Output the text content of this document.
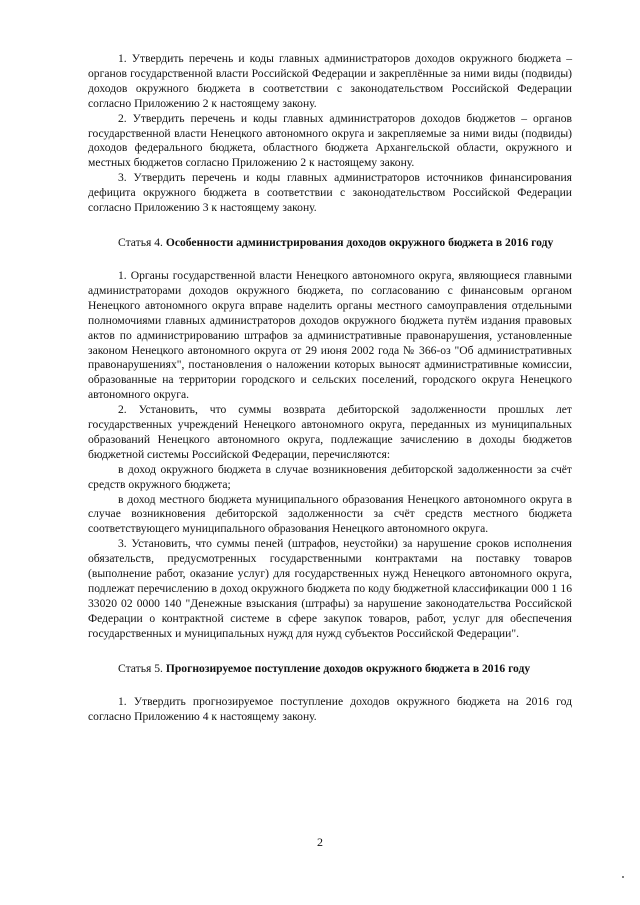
1. Утвердить перечень и коды главных администраторов доходов окружного бюджета – органов государственной власти Российской Федерации и закреплённые за ними виды (подвиды) доходов окружного бюджета в соответствии с законодательством Российской Федерации согласно Приложению 2 к настоящему закону.

2. Утвердить перечень и коды главных администраторов доходов бюджетов – органов государственной власти Ненецкого автономного округа и закрепляемые за ними виды (подвиды) доходов федерального бюджета, областного бюджета Архангельской области, окружного и местных бюджетов согласно Приложению 2 к настоящему закону.

3. Утвердить перечень и коды главных администраторов источников финансирования дефицита окружного бюджета в соответствии с законодательством Российской Федерации согласно Приложению 3 к настоящему закону.

Статья 4. Особенности администрирования доходов окружного бюджета в 2016 году

1. Органы государственной власти Ненецкого автономного округа, являющиеся главными администраторами доходов окружного бюджета, по согласованию с финансовым органом Ненецкого автономного округа вправе наделить органы местного самоуправления отдельными полномочиями главных администраторов доходов окружного бюджета путём издания правовых актов по администрированию штрафов за административные правонарушения, установленные законом Ненецкого автономного округа от 29 июня 2002 года № 366-оз "Об административных правонарушениях", постановления о наложении которых выносят административные комиссии, образованные на территории городского и сельских поселений, городского округа Ненецкого автономного округа.

2. Установить, что суммы возврата дебиторской задолженности прошлых лет государственных учреждений Ненецкого автономного округа, переданных из муниципальных образований Ненецкого автономного округа, подлежащие зачислению в доходы бюджетов бюджетной системы Российской Федерации, перечисляются:

в доход окружного бюджета в случае возникновения дебиторской задолженности за счёт средств окружного бюджета;

в доход местного бюджета муниципального образования Ненецкого автономного округа в случае возникновения дебиторской задолженности за счёт средств местного бюджета соответствующего муниципального образования Ненецкого автономного округа.

3. Установить, что суммы пеней (штрафов, неустойки) за нарушение сроков исполнения обязательств, предусмотренных государственными контрактами на поставку товаров (выполнение работ, оказание услуг) для государственных нужд Ненецкого автономного округа, подлежат перечислению в доход окружного бюджета по коду бюджетной классификации 000 1 16 33020 02 0000 140 "Денежные взыскания (штрафы) за нарушение законодательства Российской Федерации о контрактной системе в сфере закупок товаров, работ, услуг для обеспечения государственных и муниципальных нужд для нужд субъектов Российской Федерации".

Статья 5. Прогнозируемое поступление доходов окружного бюджета в 2016 году

1. Утвердить прогнозируемое поступление доходов окружного бюджета на 2016 год согласно Приложению 4 к настоящему закону.

2
